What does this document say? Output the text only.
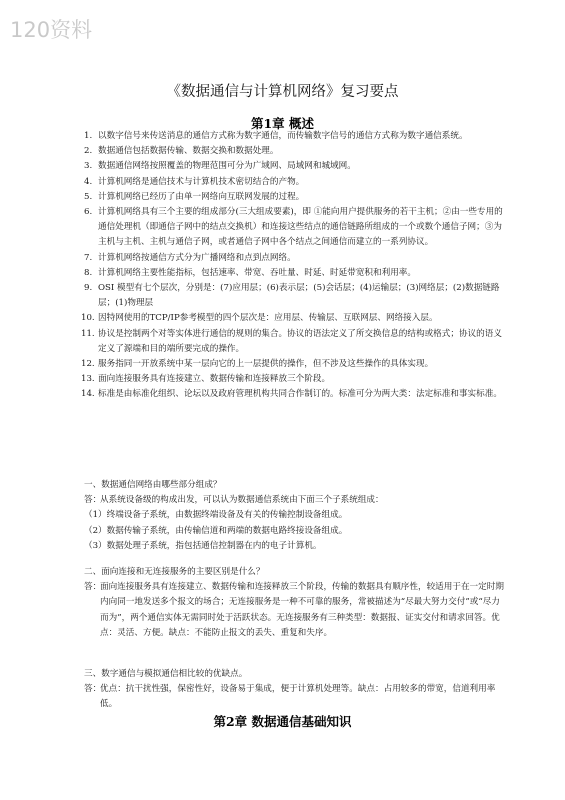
120资料
《数据通信与计算机网络》复习要点
第1章 概述
1. 以数字信号来传送消息的通信方式称为数字通信，而传输数字信号的通信方式称为数字通信系统。
2. 数据通信包括数据传输、数据交换和数据处理。
3. 数据通信网络按照覆盖的物理范围可分为广域网、局域网和城域网。
4. 计算机网络是通信技术与计算机技术密切结合的产物。
5. 计算机网络已经历了由单一网络向互联网发展的过程。
6. 计算机网络具有三个主要的组成部分(三大组成要素)，即 ①能向用户提供服务的若干主机；②由一些专用的通信处理机（即通信子网中的结点交换机）和连接这些结点的通信链路所组成的一个或数个通信子网；③为主机与主机、主机与通信子网，或者通信子网中各个结点之间通信而建立的一系列协议。
7. 计算机网络按通信方式分为广播网络和点到点网络。
8. 计算机网络主要性能指标，包括速率、带宽、吞吐量、时延、时延带宽积和利用率。
9. OSI 模型有七个层次，分别是：(7)应用层；(6)表示层；(5)会话层；(4)运输层；(3)网络层；(2)数据链路层；(1)物理层
10. 因特网使用的TCP/IP参考模型的四个层次是：应用层、传输层、互联网层、网络接入层。
11. 协议是控制两个对等实体进行通信的规则的集合。协议的语法定义了所交换信息的结构或格式；协议的语义定义了源端和目的端所要完成的操作。
12. 服务指同一开放系统中某一层向它的上一层提供的操作，但不涉及这些操作的具体实现。
13. 面向连接服务具有连接建立、数据传输和连接释放三个阶段。
14. 标准是由标准化组织、论坛以及政府管理机构共同合作制订的。标准可分为两大类：法定标准和事实标准。
一、数据通信网络由哪些部分组成？
答：
从系统设备级的构成出发，可以认为数据通信系统由下面三个子系统组成：
（1）终端设备子系统，由数据终端设备及有关的传输控制设备组成。
（2）数据传输子系统，由传输信道和两端的数据电路终接设备组成。
（3）数据处理子系统，指包括通信控制器在内的电子计算机。
二、面向连接和无连接服务的主要区别是什么？
答：
面向连接服务具有连接建立、数据传输和连接释放三个阶段，传输的数据具有顺序性，较适用于在一定时期内向同一地发送多个报文的场合；无连接服务是一种不可靠的服务，常被描述为“尽最大努力交付”或“尽力而为”，两个通信实体无需同时处于活跃状态。无连接服务有三种类型：数据报、证实交付和请求回答。优点：灵活、方便。缺点：不能防止报文的丢失、重复和失序。
三、数字通信与模拟通信相比较的优缺点。
答：
优点：抗干扰性强，保密性好，设备易于集成，便于计算机处理等。缺点：占用较多的带宽，信道利用率低。
第2章 数据通信基础知识
